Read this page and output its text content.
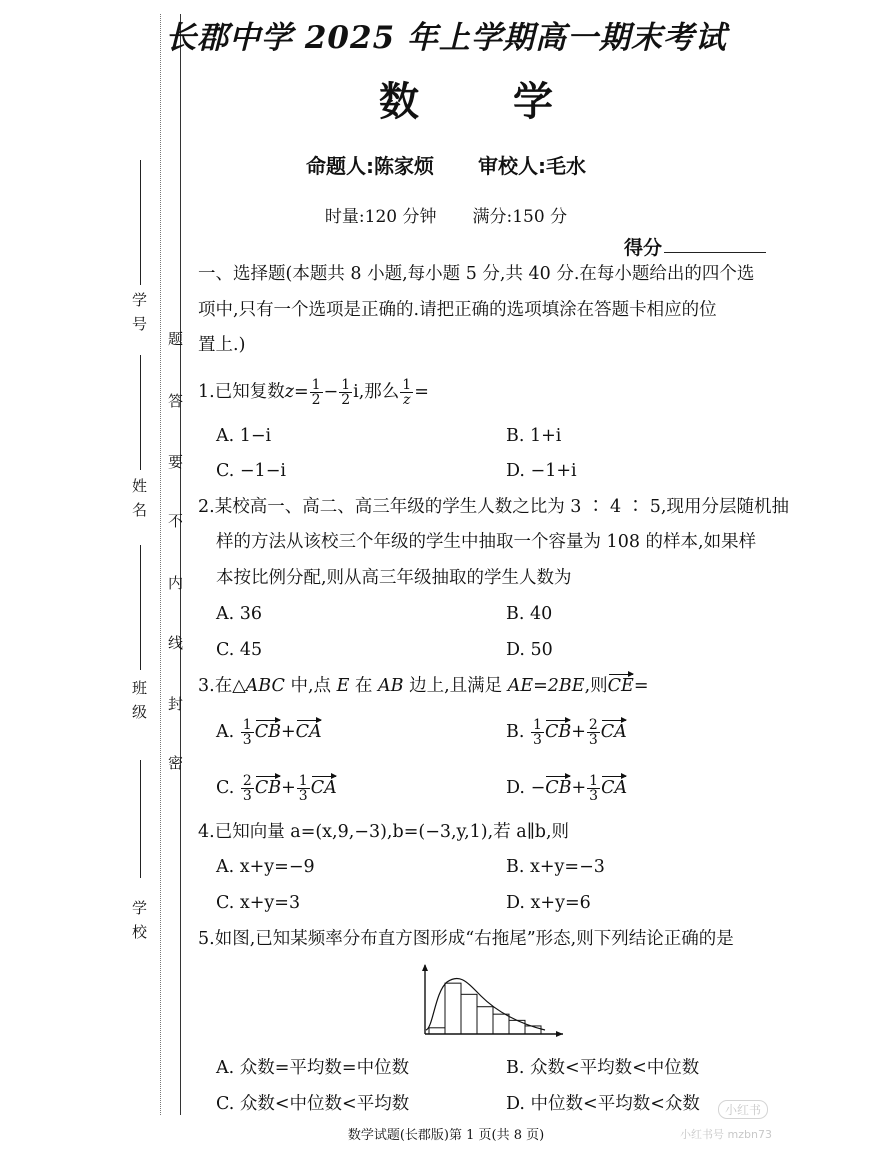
学 号
姓 名
班 级
学 校
题
答
要
不
内
线
封
密
长郡中学 2025 年上学期高一期末考试
数 学
命题人:陈家烦 审校人:毛水
时量:120 分钟 满分:150 分
得分
一、选择题(本题共 8 小题,每小题 5 分,共 40 分.在每小题给出的四个选
项中,只有一个选项是正确的.请把正确的选项填涂在答题卡相应的位
置上.)
1.已知复数$z= \frac{1}{2} - \frac{1}{2} i$,那么 $\frac{1}{z}$ =
A. 1−i	B. 1+i
C. −1−i	D. −1+i
2.某校高一、高二、高三年级的学生人数之比为 3 ∶ 4 ∶ 5,现用分层随机抽
样的方法从该校三个年级的学生中抽取一个容量为 108 的样本,如果样
本按比例分配,则从高三年级抽取的学生人数为
A. 36	B. 40
C. 45	D. 50
3.在△ABC 中,点 E 在 AB 边上,且满足 AE=2BE,则CE=
A. $\frac{1}{3} CB+CA$	B. $\frac{1}{3} CB+ \frac{2}{3}$ CA
C. $\frac{2}{3} CB+ \frac{1}{3}$ CA	D. $-CB+ \frac{1}{3}$ CA
4.已知向量 a=(x,9,−3),b=(−3,y,1),若 a∥b,则
A. x+y=−9	B. x+y=−3
C. x+y=3	D. x+y=6
5.如图,已知某频率分布直方图形成“右拖尾”形态,则下列结论正确的是
A. 众数=平均数=中位数	B. 众数<平均数<中位数
C. 众数<中位数<平均数	D. 中位数<平均数<众数
数学试题(长郡版)第 1 页(共 8 页)
小红书
小红书号 mzbn73
